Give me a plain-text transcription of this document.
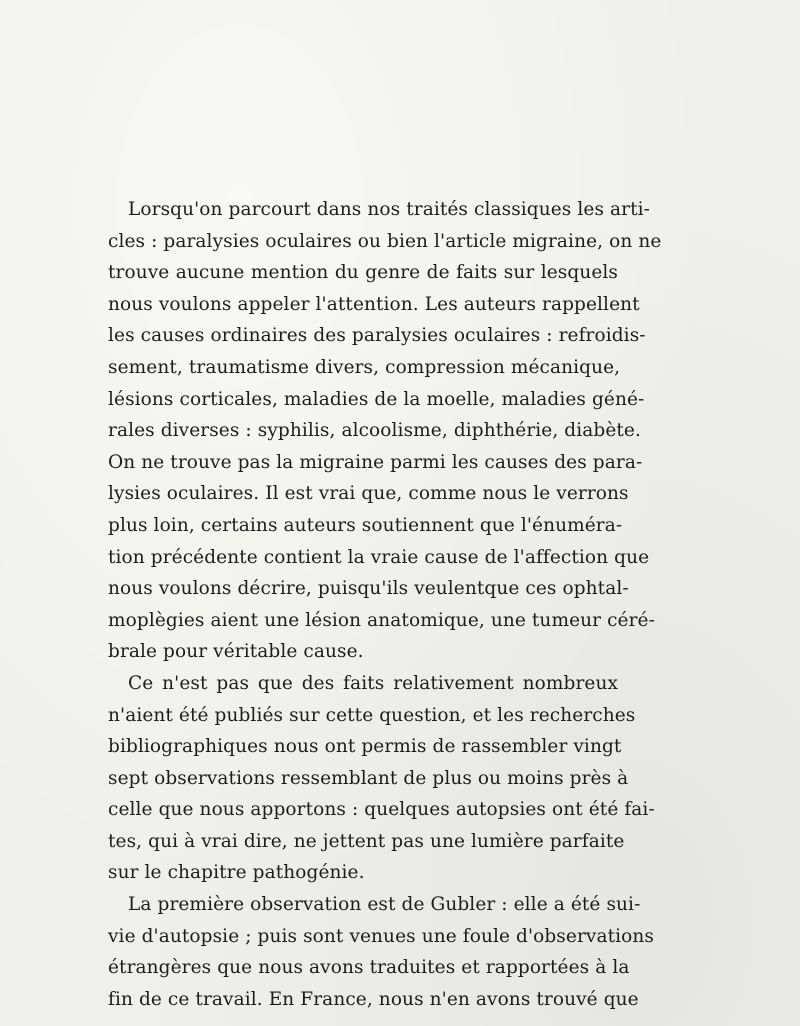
Lorsqu'on parcourt dans nos traités classiques les arti-
cles : paralysies oculaires ou bien l'article migraine, on ne
trouve aucune mention du genre de faits sur lesquels
nous voulons appeler l'attention. Les auteurs rappellent
les causes ordinaires des paralysies oculaires : refroidis-
sement, traumatisme divers, compression mécanique,
lésions corticales, maladies de la moelle, maladies géné-
rales diverses : syphilis, alcoolisme, diphthérie, diabète.
On ne trouve pas la migraine parmi les causes des para-
lysies oculaires. Il est vrai que, comme nous le verrons
plus loin, certains auteurs soutiennent que l'énuméra-
tion précédente contient la vraie cause de l'affection que
nous voulons décrire, puisqu'ils veulentque ces ophtal-
moplègies aient une lésion anatomique, une tumeur céré-
brale pour véritable cause.
Ce n'est pas que des faits relativement nombreux
n'aient été publiés sur cette question, et les recherches
bibliographiques nous ont permis de rassembler vingt
sept observations ressemblant de plus ou moins près à
celle que nous apportons : quelques autopsies ont été fai-
tes, qui à vrai dire, ne jettent pas une lumière parfaite
sur le chapitre pathogénie.
La première observation est de Gubler : elle a été sui-
vie d'autopsie ; puis sont venues une foule d'observations
étrangères que nous avons traduites et rapportées à la
fin de ce travail. En France, nous n'en avons trouvé que
